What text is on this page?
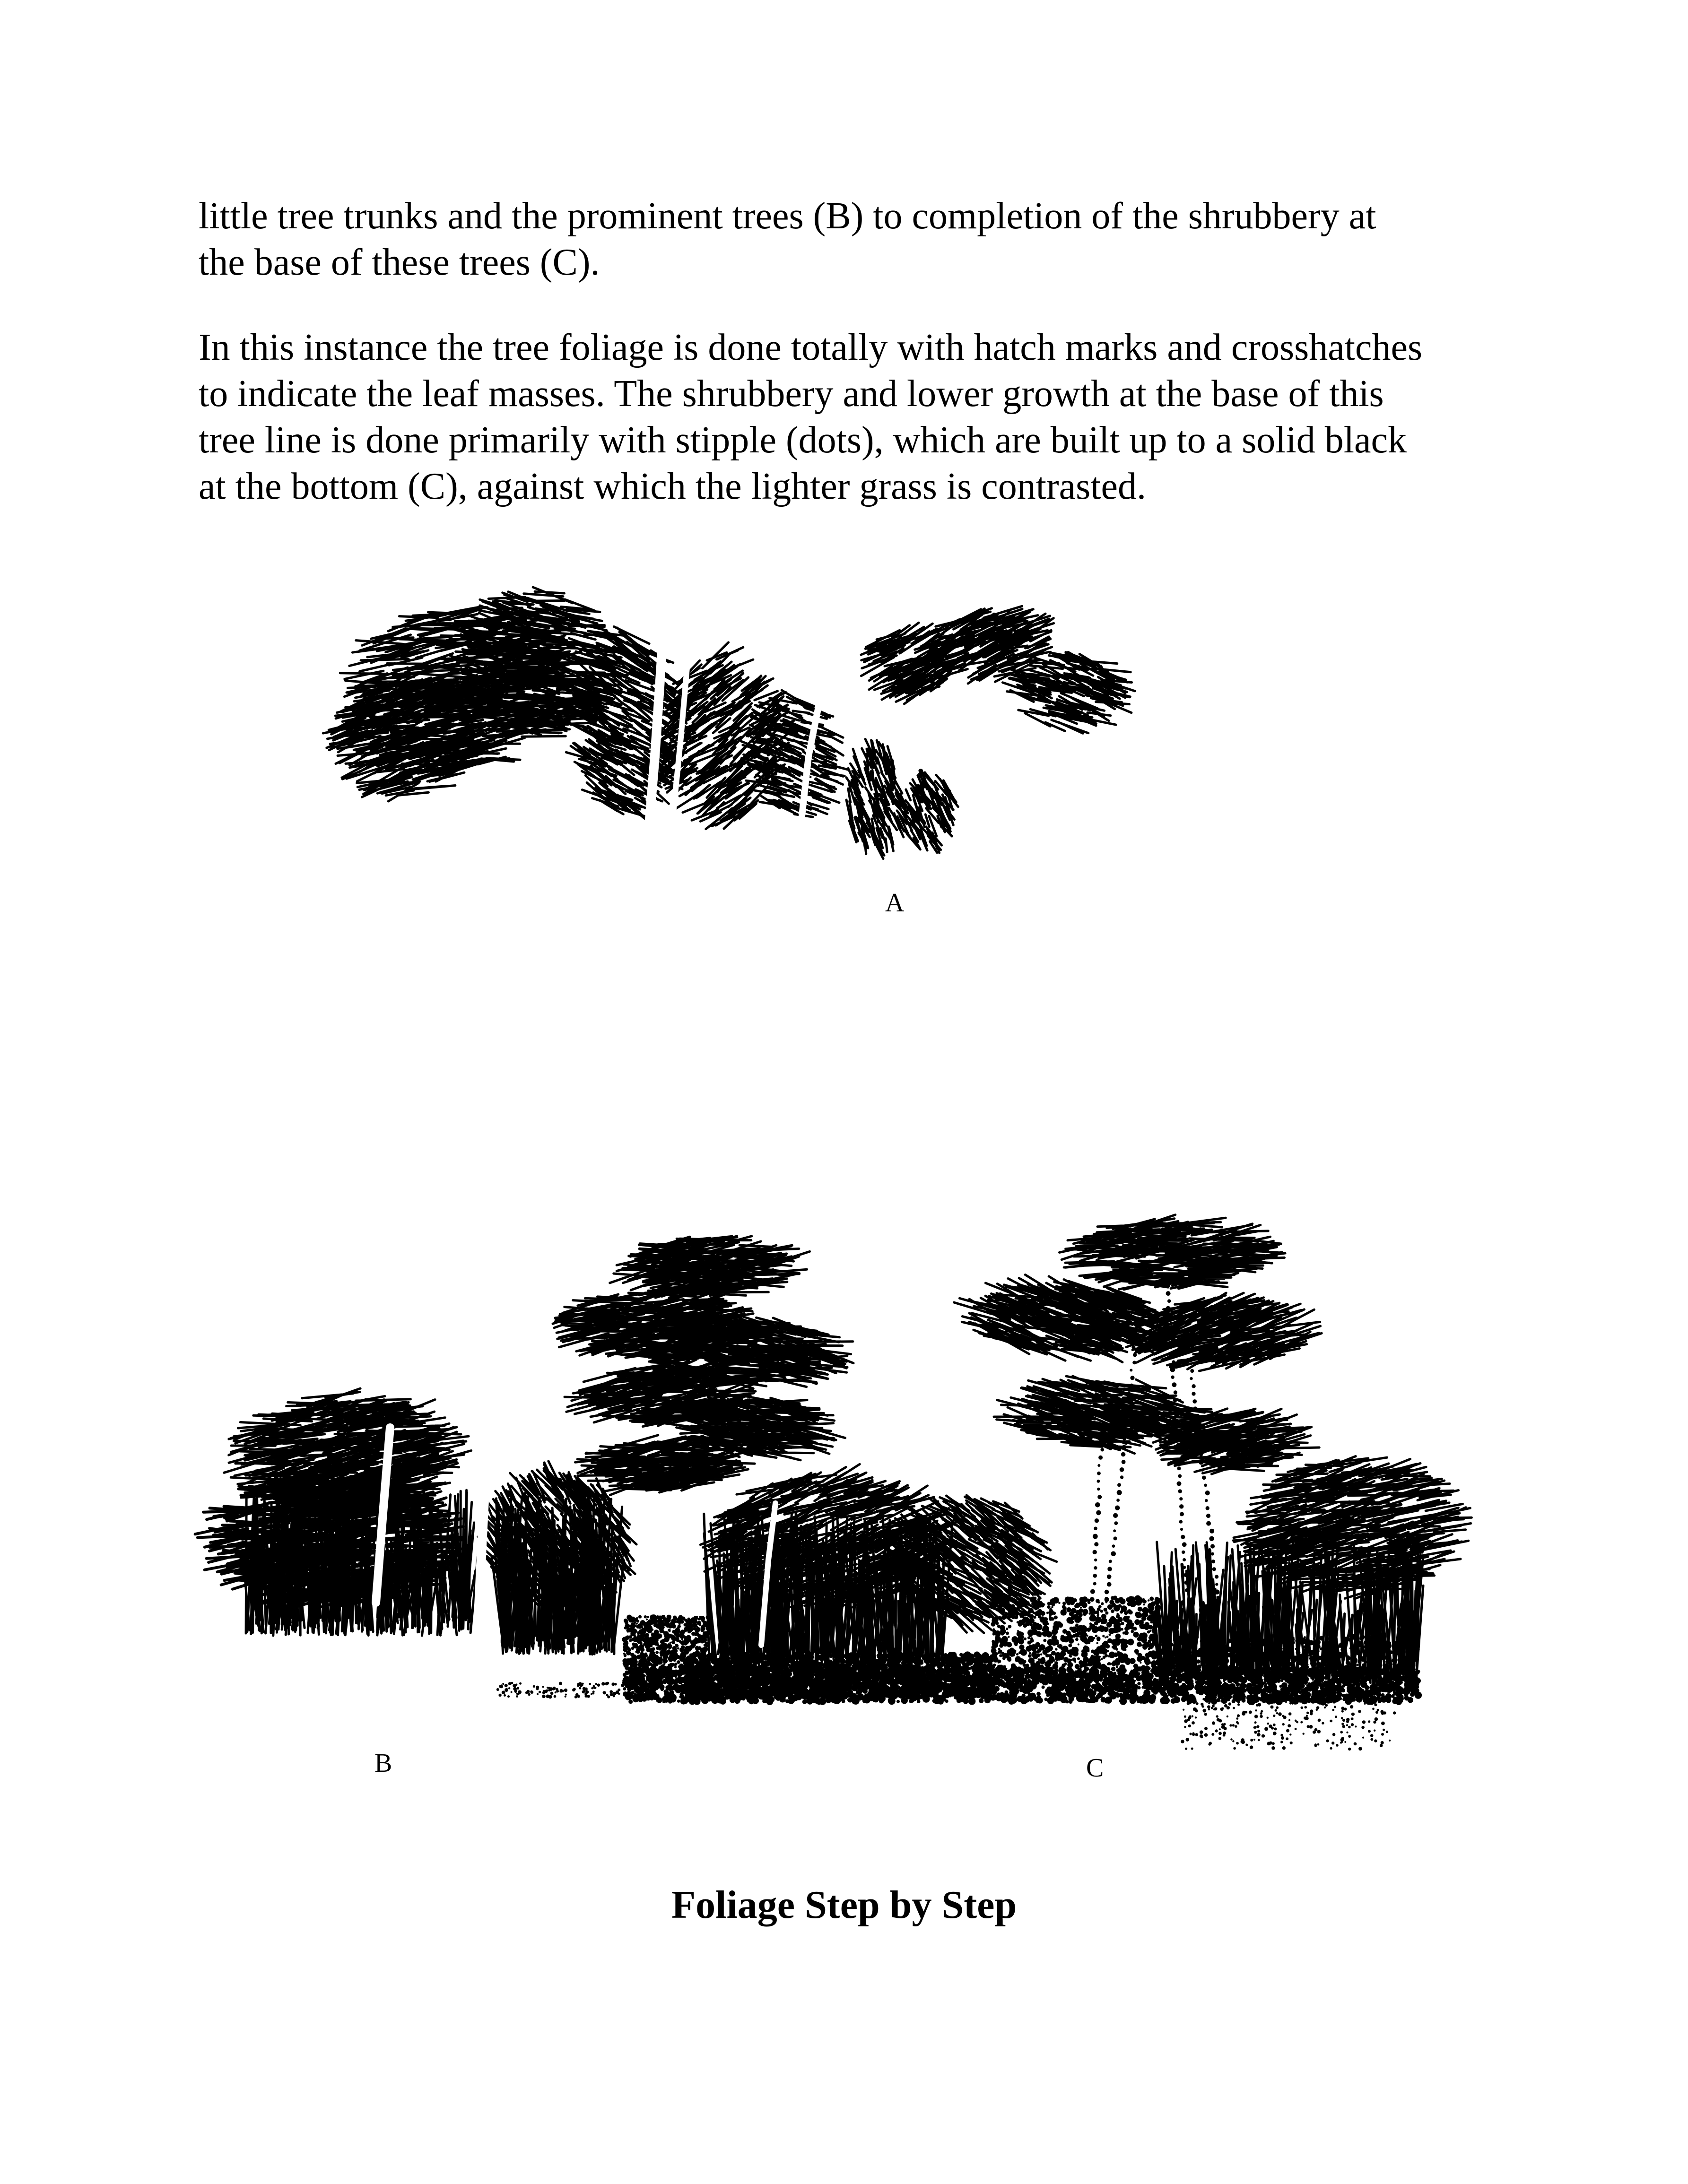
little tree trunks and the prominent trees (B) to completion of the shrubbery at
the base of these trees (C).

In this instance the tree foliage is done totally with hatch marks and crosshatches
to indicate the leaf masses. The shrubbery and lower growth at the base of this
tree line is done primarily with stipple (dots), which are built up to a solid black
at the bottom (C), against which the lighter grass is contrasted.

A
B	C

Foliage Step by Step
